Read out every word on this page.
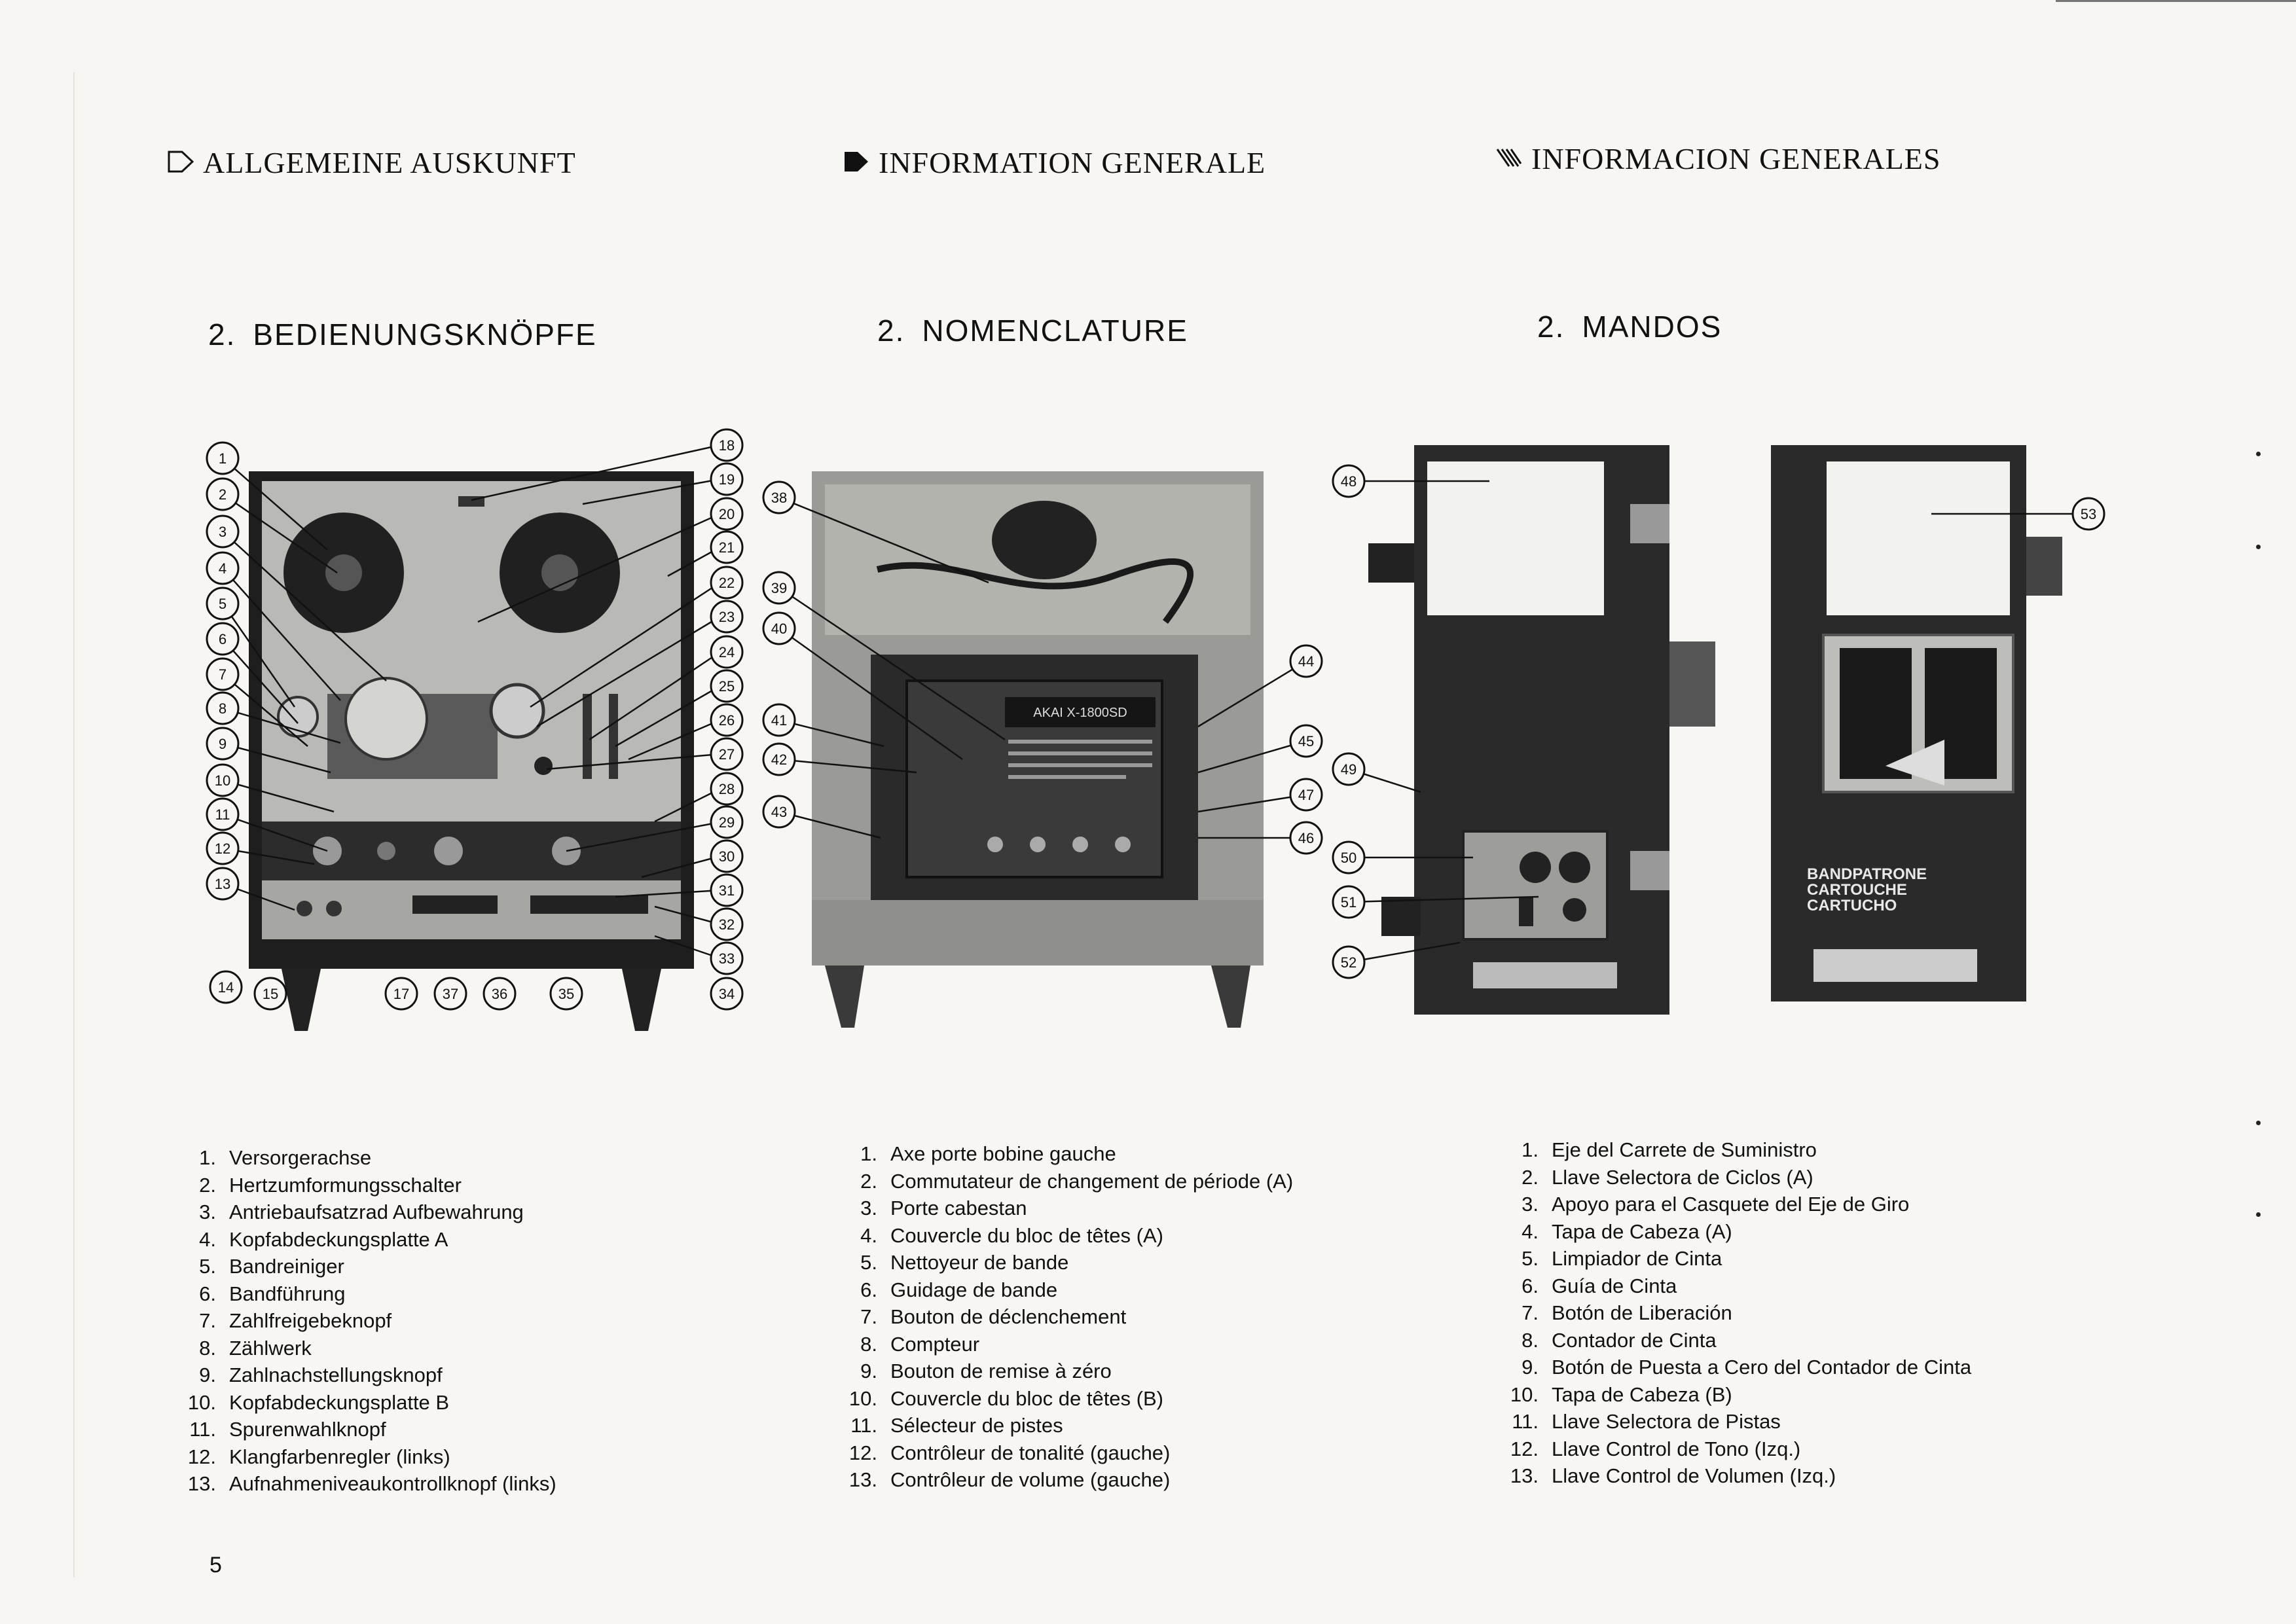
ALLGEMEINE AUSKUNFT	INFORMATION GENERALE	INFORMACION GENERALES
2. BEDIENUNGSKNÖPFE	2. NOMENCLATURE	2. MANDOS
1
2
3
4
5
6
7
8
9
10
11
12
13
14 15	17 37 36	35
18
19
20
21
22
23
24
25
26
27
28
29
30
31
32
33
34
AKAI X-1800SD
38
39
40
41
42
43
44
45
47
46
48
49
50
51
52
BANDPATRONE
CARTOUCHE
CARTUCHO
53
1. Versorgerachse
2. Hertzumformungsschalter
3. Antriebaufsatzrad Aufbewahrung
4. Kopfabdeckungsplatte A
5. Bandreiniger
6. Bandführung
7. Zahlfreigebeknopf
8. Zählwerk
9. Zahlnachstellungsknopf
10. Kopfabdeckungsplatte B
11. Spurenwahlknopf
12. Klangfarbenregler (links)
13. Aufnahmeniveaukontrollknopf (links)
1. Axe porte bobine gauche
2. Commutateur de changement de période (A)
3. Porte cabestan
4. Couvercle du bloc de têtes (A)
5. Nettoyeur de bande
6. Guidage de bande
7. Bouton de déclenchement
8. Compteur
9. Bouton de remise à zéro
10. Couvercle du bloc de têtes (B)
11. Sélecteur de pistes
12. Contrôleur de tonalité (gauche)
13. Contrôleur de volume (gauche)
1. Eje del Carrete de Suministro
2. Llave Selectora de Ciclos (A)
3. Apoyo para el Casquete del Eje de Giro
4. Tapa de Cabeza (A)
5. Limpiador de Cinta
6. Guía de Cinta
7. Botón de Liberación
8. Contador de Cinta
9. Botón de Puesta a Cero del Contador de Cinta
10. Tapa de Cabeza (B)
11. Llave Selectora de Pistas
12. Llave Control de Tono (Izq.)
13. Llave Control de Volumen (Izq.)
5
